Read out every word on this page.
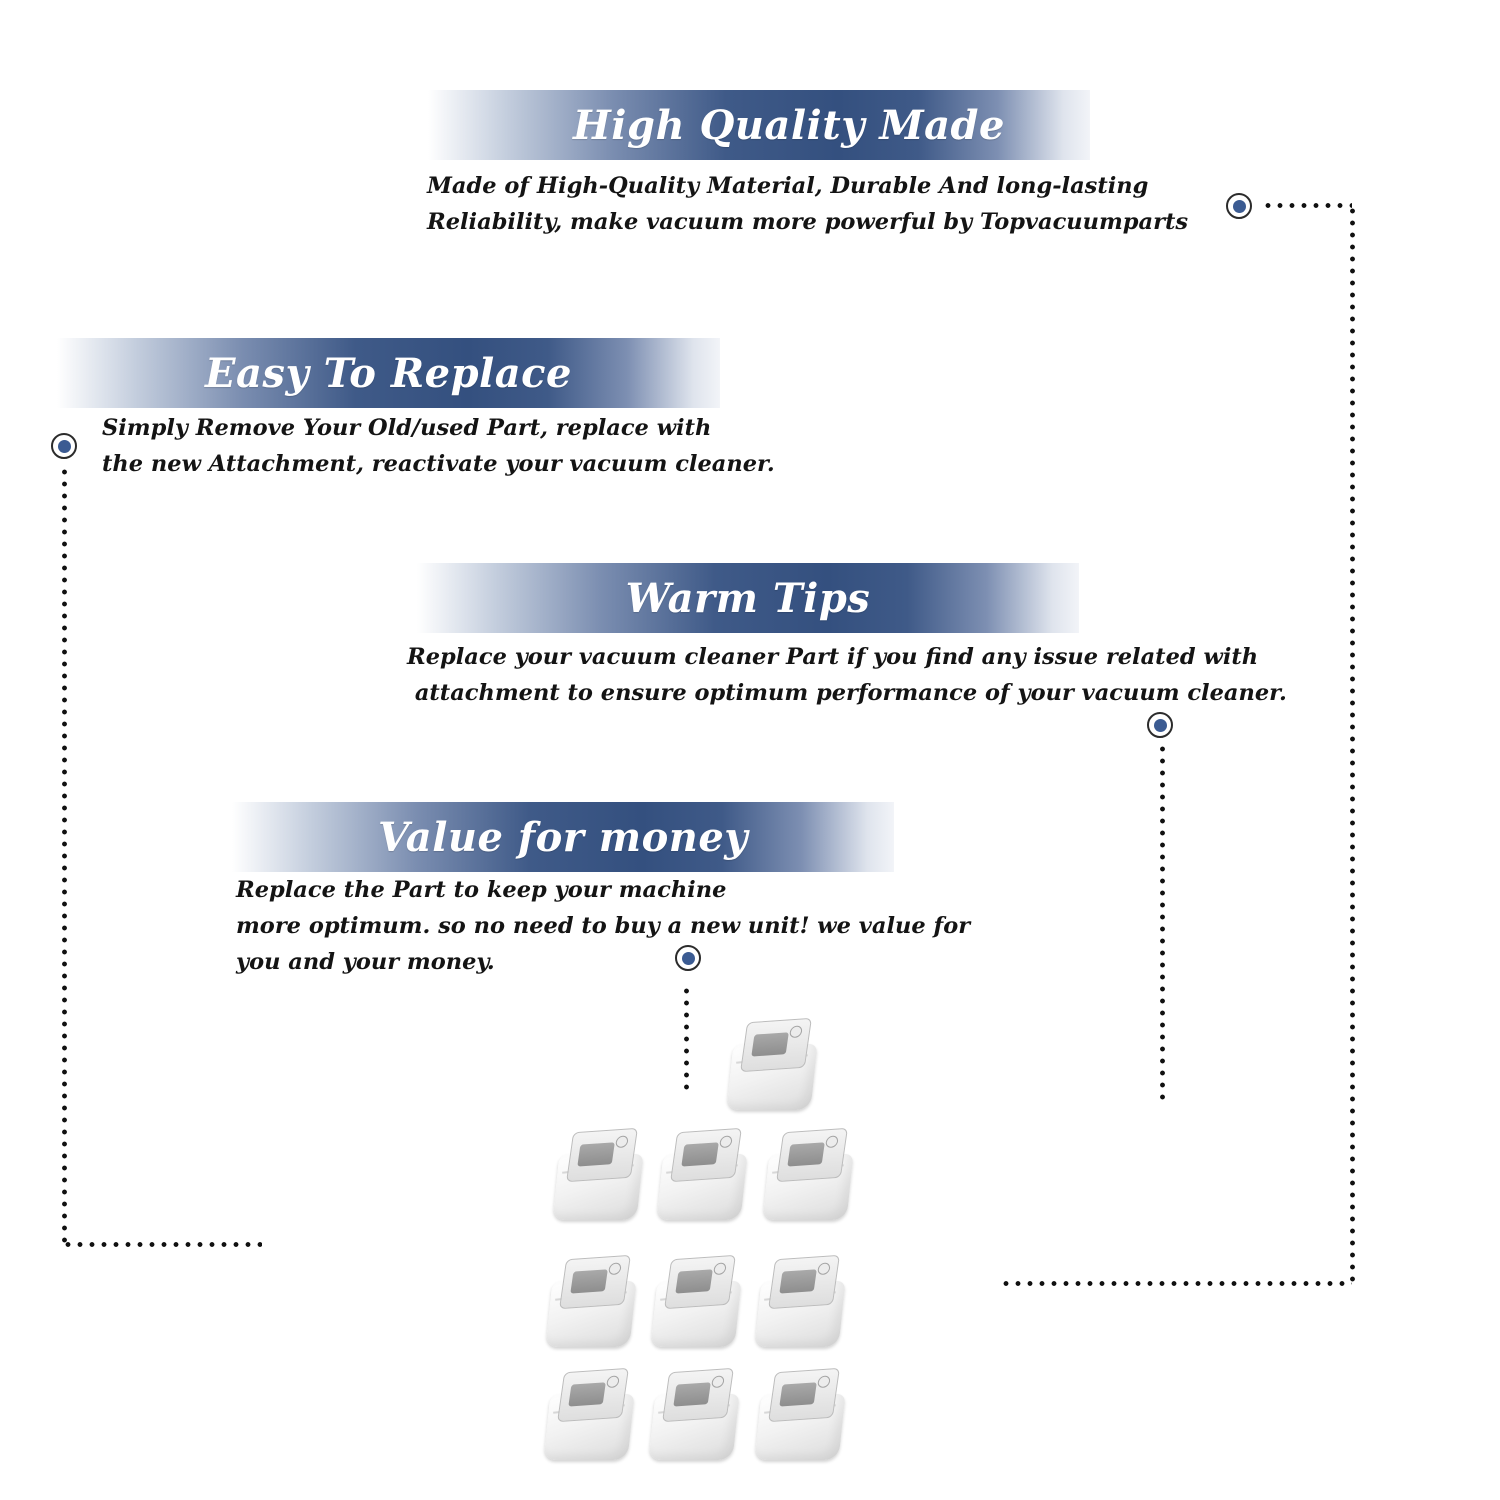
High Quality Made

Made of High-Quality Material, Durable And long-lasting
Reliability, make vacuum more powerful by Topvacuumparts

Easy To Replace

Simply Remove Your Old/used Part, replace with
the new Attachment, reactivate your vacuum cleaner.

Warm Tips

Replace your vacuum cleaner Part if you find any issue related with
attachment to ensure optimum performance of your vacuum cleaner.

Value for money

Replace the Part to keep your machine
more optimum. so no need to buy a new unit! we value for
you and your money.
